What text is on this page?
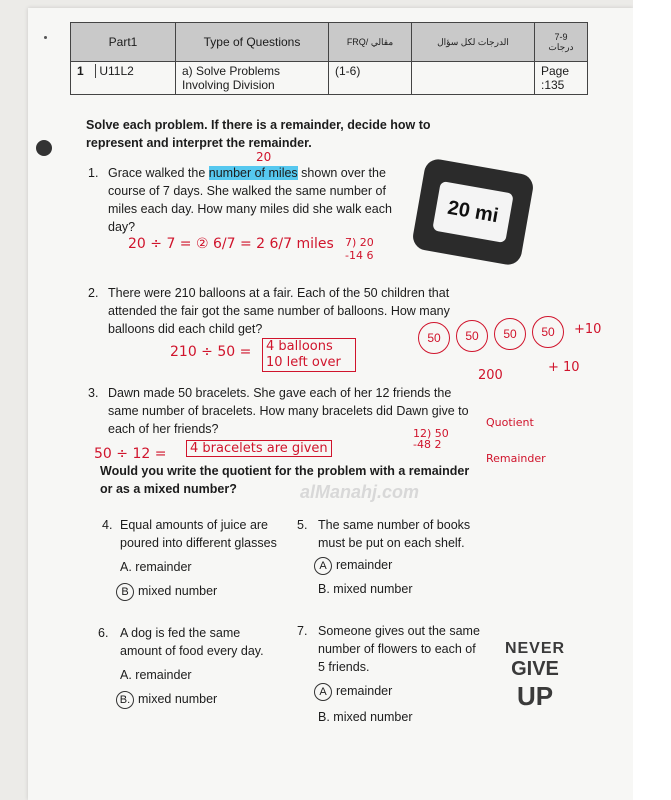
Part1	Type of Questions	FRQ/ مقالي	الدرجات لكل سؤال	7-9 درجات
1 U11L2	a) Solve Problems Involving Division	(1-6)		Page :135
Solve each problem. If there is a remainder, decide how to represent and interpret the remainder.
20
1. Grace walked the number of miles shown over the course of 7 days. She walked the same number of miles each day. How many miles did she walk each day?
20 mi
20 ÷ 7 = ② 6/7 = 2 6/7 miles 7) 20 -14 6
2. There were 210 balloons at a fair. Each of the 50 children that attended the fair got the same number of balloons. How many balloons did each child get?
210 ÷ 50 = 4 balloons
10 left over
50	50	50	50	+10
200
+ 10
3. Dawn made 50 bracelets. She gave each of her 12 friends the same number of bracelets. How many bracelets did Dawn give to each of her friends?
50 ÷ 12 =	4 bracelets are given
12) 50 -48 2
Quotient
Remainder
Would you write the quotient for the problem with a remainder or as a mixed number?	alManahj.com
4. Equal amounts of juice are poured into different glasses
A. remainder
B mixed number
5. The same number of books must be put on each shelf.
A remainder
B. mixed number
6. A dog is fed the same amount of food every day.
A. remainder
B. mixed number
7. Someone gives out the same number of flowers to each of 5 friends.
A remainder
B. mixed number
NEVER
GIVE
UP
